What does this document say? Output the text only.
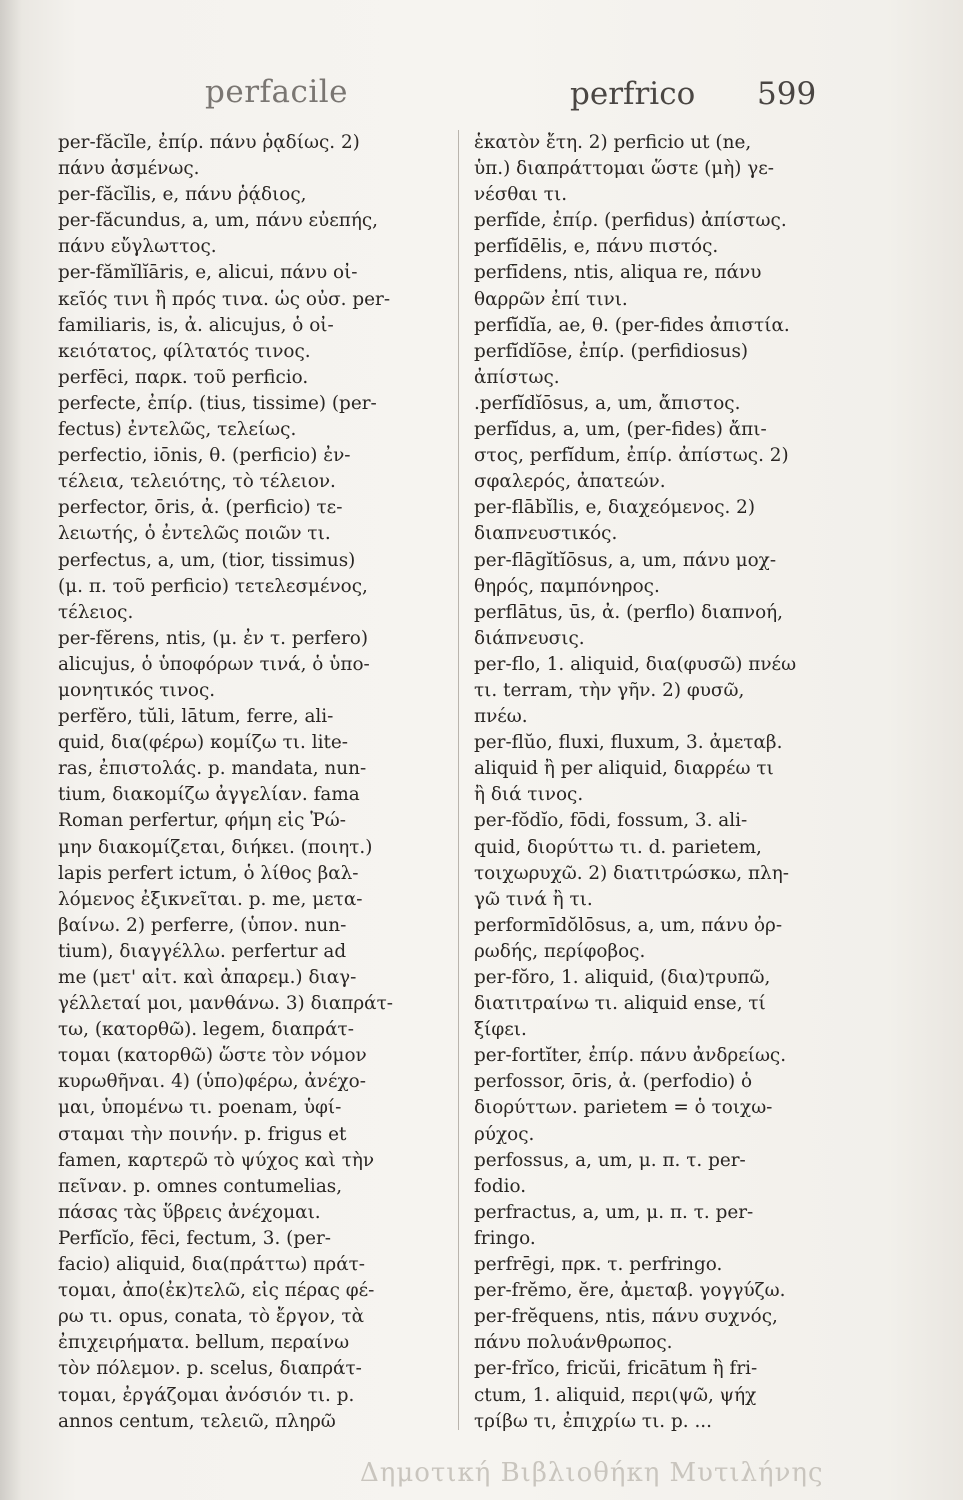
perfacile	perfrico 599
per-făcĭle, ἐπίρ. πάνυ ῥᾳδίως. 2)
πάνυ ἀσμένως.
per-făcĭlis, e, πάνυ ῥᾴδιος,
per-făcundus, a, um, πάνυ εὐεπής,
πάνυ εὔγλωττος.
per-fămĭlĭāris, e, alicui, πάνυ οἰ-
κεῖός τινι ἢ πρός τινα. ὡς οὐσ. per-
familiaris, is, ἀ. alicujus, ὁ οἰ-
κειότατος, φίλτατός τινος.
perfēci, παρκ. τοῦ perficio.
perfecte, ἐπίρ. (tius, tissime) (per-
fectus) ἐντελῶς, τελείως.
perfectio, iōnis, θ. (perficio) ἐν-
τέλεια, τελειότης, τὸ τέλειον.
perfector, ōris, ἀ. (perficio) τε-
λειωτής, ὁ ἐντελῶς ποιῶν τι.
perfectus, a, um, (tior, tissimus)
(μ. π. τοῦ perficio) τετελεσμένος,
τέλειος.
per-fĕrens, ntis, (μ. ἐν τ. perfero)
alicujus, ὁ ὑποφόρων τινά, ὁ ὑπο-
μονητικός τινος.
perfĕro, tŭli, lātum, ferre, ali-
quid, δια(φέρω) κομίζω τι. lite-
ras, ἐπιστολάς. p. mandata, nun-
tium, διακομίζω ἀγγελίαν. fama
Roman perfertur, φήμη εἰς Ῥώ-
μην διακομίζεται, διήκει. (ποιητ.)
lapis perfert ictum, ὁ λίθος βαλ-
λόμενος ἐξικνεῖται. p. me, μετα-
βαίνω. 2) perferre, (ὑπον. nun-
tium), διαγγέλλω. perfertur ad
me (μετ' αἰτ. καὶ ἀπαρεμ.) διαγ-
γέλλεταί μοι, μανθάνω. 3) διαπράτ-
τω, (κατορθῶ). legem, διαπράτ-
τομαι (κατορθῶ) ὥστε τὸν νόμον
κυρωθῆναι. 4) (ὑπο)φέρω, ἀνέχο-
μαι, ὑπομένω τι. poenam, ὑφί-
σταμαι τὴν ποινήν. p. frigus et
famen, καρτερῶ τὸ ψύχος καὶ τὴν
πεῖναν. p. omnes contumelias,
πάσας τὰς ὕβρεις ἀνέχομαι.
Perfĭcĭo, fēci, fectum, 3. (per-
facio) aliquid, δια(πράττω) πράτ-
τομαι, ἀπο(ἐκ)τελῶ, εἰς πέρας φέ-
ρω τι. opus, conata, τὸ ἔργον, τὰ
ἐπιχειρήματα. bellum, περαίνω
τὸν πόλεμον. p. scelus, διαπράτ-
τομαι, ἐργάζομαι ἀνόσιόν τι. p.
annos centum, τελειῶ, πληρῶ
ἑκατὸν ἔτη. 2) perficio ut (ne,
ὑπ.) διαπράττομαι ὥστε (μὴ) γε-
νέσθαι τι.
perfĭde, ἐπίρ. (perfidus) ἀπίστως.
perfĭdēlis, e, πάνυ πιστός.
perfīdens, ntis, aliqua re, πάνυ
θαρρῶν ἐπί τινι.
perfĭdĭa, ae, θ. (per-fides ἀπιστία.
perfĭdĭōse, ἐπίρ. (perfidiosus)
ἀπίστως.
.perfĭdĭōsus, a, um, ἄπιστος.
perfĭdus, a, um, (per-fides) ἄπι-
στος, perfĭdum, ἐπίρ. ἀπίστως. 2)
σφαλερός, ἀπατεών.
per-flābĭlis, e, διαχεόμενος. 2)
διαπνευστικός.
per-flāgĭtĭōsus, a, um, πάνυ μοχ-
θηρός, παμπόνηρος.
perflātus, ūs, ἀ. (perflo) διαπνοή,
διάπνευσις.
per-flo, 1. aliquid, δια(φυσῶ) πνέω
τι. terram, τὴν γῆν. 2) φυσῶ,
πνέω.
per-flŭo, fluxi, fluxum, 3. ἀμεταβ.
aliquid ἢ per aliquid, διαρρέω τι
ἢ διά τινος.
per-fŏdĭo, fōdi, fossum, 3. ali-
quid, διορύττω τι. d. parietem,
τοιχωρυχῶ. 2) διατιτρώσκω, πλη-
γῶ τινά ἢ τι.
performīdŏlōsus, a, um, πάνυ ὀρ-
ρωδής, περίφοβος.
per-fŏro, 1. aliquid, (δια)τρυπῶ,
διατιτραίνω τι. aliquid ense, τί
ξίφει.
per-fortĭter, ἐπίρ. πάνυ ἀνδρείως.
perfossor, ōris, ἀ. (perfodio) ὁ
διορύττων. parietem = ὁ τοιχω-
ρύχος.
perfossus, a, um, μ. π. τ. per-
fodio.
perfractus, a, um, μ. π. τ. per-
fringo.
perfrēgi, πρκ. τ. perfringo.
per-frĕmo, ĕre, ἀμεταβ. γογγύζω.
per-frĕquens, ntis, πάνυ συχνός,
πάνυ πολυάνθρωπος.
per-frĭco, fricŭi, fricātum ἢ fri-
ctum, 1. aliquid, περι(ψῶ, ψήχ
τρίβω τι, ἐπιχρίω τι. p. ...
Δημοτική Βιβλιοθήκη Μυτιλήνης
